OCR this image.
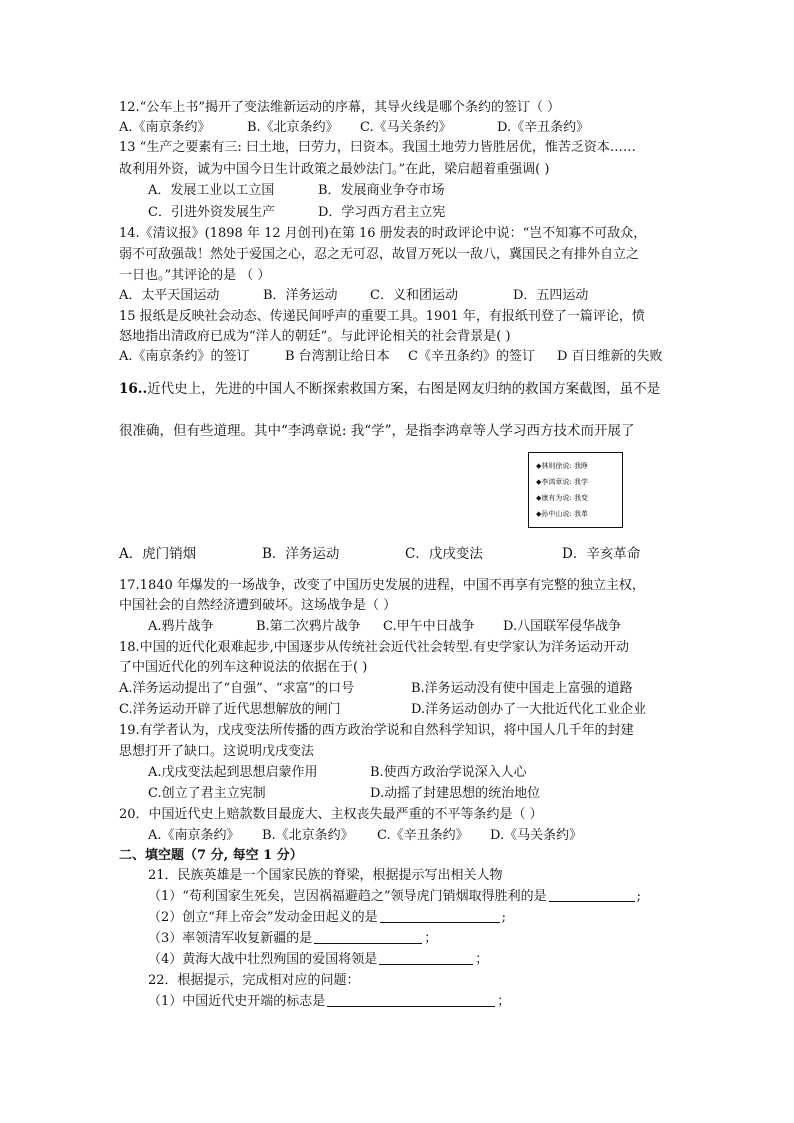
12.“公车上书”揭开了变法维新运动的序幕，其导火线是哪个条约的签订（ ）
A.《南京条约》	B.《北京条约》 C.《马关条约》	D.《辛丑条约》
13 “生产之要素有三: 曰土地，曰劳力，曰资本。我国土地劳力皆胜居优，惟苦乏资本……
故利用外资，诚为中国今日生计政策之最妙法门。”在此，梁启超着重强调( )
A．发展工业以工立国	B．发展商业争夺市场
C．引进外资发展生产	D．学习西方君主立宪
14.《清议报》(1898 年 12 月创刊)在第 16 册发表的时政评论中说：“岂不知寡不可敌众，
弱不可敌强哉！然处于爱国之心，忍之无可忍，故冒万死以一敌八，冀国民之有排外自立之
一日也。”其评论的是 （ ）
A．太平天国运动	B．洋务运动 C．义和团运动	D．五四运动
15 报纸是反映社会动态、传递民间呼声的重要工具。1901 年，有报纸刊登了一篇评论，愤
怒地指出清政府已成为“洋人的朝廷”。与此评论相关的社会背景是( )
A.《南京条约》的签订	B 台湾割让给日本 C《辛丑条约》的签订 D 百日维新的失败
16..近代史上，先进的中国人不断探索救国方案，右图是网友归纳的救国方案截图，虽不是
很准确，但有些道理。其中“李鸿章说: 我“学”，是指李鸿章等人学习西方技术而开展了
◆林则徐说: 我睁
◆李鸿章说: 我学
◆康有为说: 我变
◆孙中山说: 我革
A．虎门销烟	B．洋务运动	C．戊戌变法	D．辛亥革命
17.1840 年爆发的一场战争，改变了中国历史发展的进程，中国不再享有完整的独立主权，
中国社会的自然经济遭到破坏。这场战争是（ ）
A.鸦片战争	B.第二次鸦片战争 C.甲午中日战争 D.八国联军侵华战争
18.中国的近代化艰难起步,中国逐步从传统社会近代社会转型.有史学家认为洋务运动开动
了中国近代化的列车这种说法的依据在于( )
A.洋务运动提出了“自强”、“求富”的口号	B.洋务运动没有使中国走上富强的道路
C.洋务运动开辟了近代思想解放的闸门	D.洋务运动创办了一大批近代化工业企业
19.有学者认为，戊戌变法所传播的西方政治学说和自然科学知识，将中国人几千年的封建
思想打开了缺口。这说明戊戌变法
A.戊戌变法起到思想启蒙作用	B.使西方政治学说深入人心
C.创立了君主立宪制	D.动摇了封建思想的统治地位
20．中国近代史上赔款数目最庞大、主权丧失最严重的不平等条约是（ ）
A.《南京条约》 B.《北京条约》 C.《辛丑条约》 D.《马关条约》
二、填空题（7 分, 每空 1 分）
21．民族英雄是一个国家民族的脊梁，根据提示写出相关人物
（1）“苟利国家生死矣，岂因祸福避趋之”领导虎门销烟取得胜利的是	;
（2）创立“拜上帝会”发动金田起义的是	;
（3）率领清军收复新疆的是	；
（4）黄海大战中壮烈殉国的爱国将领是	；
22．根据提示，完成相对应的问题：
（1）中国近代史开端的标志是	；
